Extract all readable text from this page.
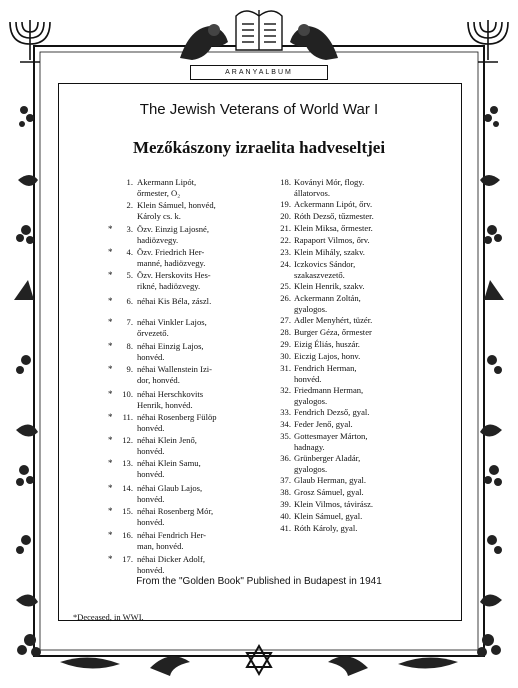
ARANYALBUM
The Jewish Veterans of World War I
Mezőkászony izraelita hadveseltjei
1. Akermann Lipót,
őrmester, O₂
2. Klein Sámuel, honvéd,
Károly cs. k.
*	3. Özv. Einzig Lajosné,
hadiözvegy.
*	4. Özv. Friedrich Her-
manné, hadiözvegy.
*	5. Özv. Herskovits Hes-
rikné, hadiözvegy.
*	6. néhai Kis Béla, zászl.
*	7. néhai Vinkler Lajos,
őrvezető.
*	8. néhai Einzig Lajos,
honvéd.
*	9. néhai Wallenstein Izi-
dor, honvéd.
*	10. néhai Herschkovits
Henrik, honvéd.
*	11. néhai Rosenberg Fülöp
honvéd.
*	12. néhai Klein Jenő,
honvéd.
*	13. néhai Klein Samu,
honvéd.
*	14. néhai Glaub Lajos,
honvéd.
*	15. néhai Rosenberg Mór,
honvéd.
*	16. néhai Fendrich Her-
man, honvéd.
*	17. néhai Dicker Adolf,
honvéd.
18. Koványi Mór, flogy.
állatorvos.
19. Ackermann Lipót, őrv.
20. Róth Dezső, tűzmester.
21. Klein Miksa, őrmester.
22. Rapaport Vilmos, őrv.
23. Klein Mihály, szakv.
24. Iczkovics Sándor,
szakaszvezető.
25. Klein Henrik, szakv.
26. Ackermann Zoltán,
gyalogos.
27. Adler Menyhért, tüzér.
28. Burger Géza, őrmester
29. Eizig Éliás, huszár.
30. Eiczig Lajos, honv.
31. Fendrich Herman,
honvéd.
32. Friedmann Herman,
gyalogos.
33. Fendrich Dezső, gyal.
34. Feder Jenő, gyal.
35. Gottesmayer Márton,
hadnagy.
36. Grünberger Aladár,
gyalogos.
37. Glaub Herman, gyal.
38. Grosz Sámuel, gyal.
39. Klein Vilmos, távirász.
40. Klein Sámuel, gyal.
41. Róth Károly, gyal.
From the "Golden Book" Published in Budapest in 1941
*Deceased, in WWI.
